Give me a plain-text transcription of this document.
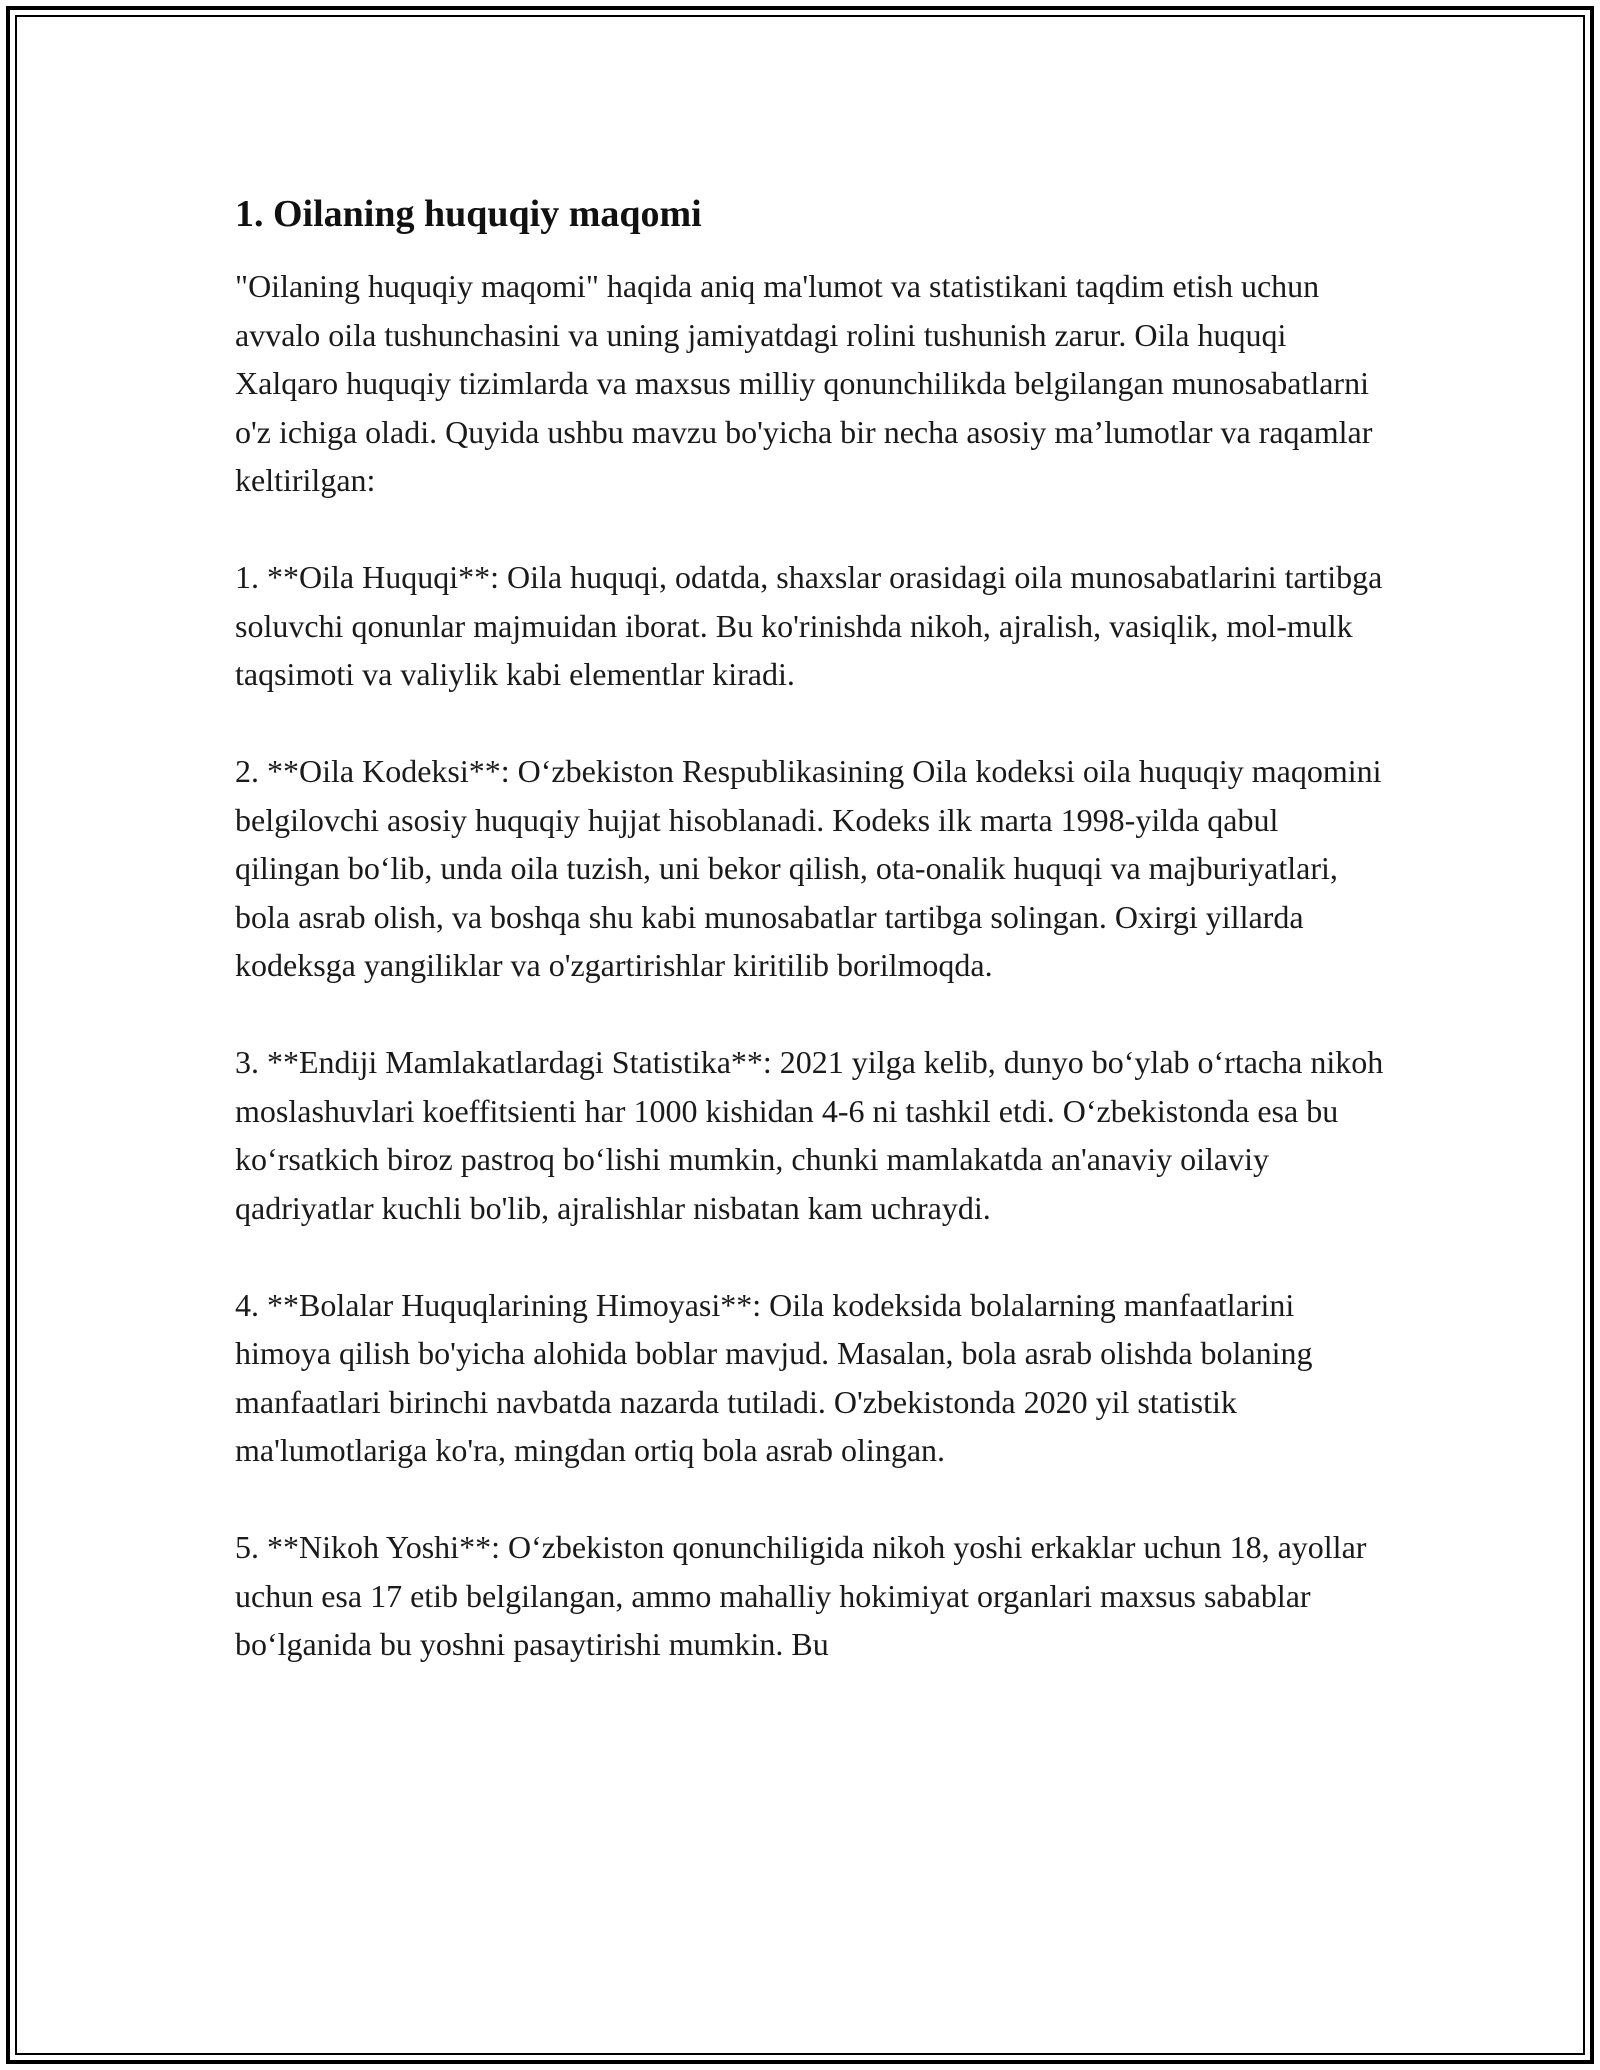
1. Oilaning huquqiy maqomi

"Oilaning huquqiy maqomi" haqida aniq ma'lumot va statistikani taqdim etish uchun avvalo oila tushunchasini va uning jamiyatdagi rolini tushunish zarur. Oila huquqi Xalqaro huquqiy tizimlarda va maxsus milliy qonunchilikda belgilangan munosabatlarni o'z ichiga oladi. Quyida ushbu mavzu bo'yicha bir necha asosiy ma’lumotlar va raqamlar keltirilgan:

1. **Oila Huquqi**: Oila huquqi, odatda, shaxslar orasidagi oila munosabatlarini tartibga soluvchi qonunlar majmuidan iborat. Bu ko'rinishda nikoh, ajralish, vasiqlik, mol-mulk taqsimoti va valiylik kabi elementlar kiradi.

2. **Oila Kodeksi**: O‘zbekiston Respublikasining Oila kodeksi oila huquqiy maqomini belgilovchi asosiy huquqiy hujjat hisoblanadi. Kodeks ilk marta 1998-yilda qabul qilingan bo‘lib, unda oila tuzish, uni bekor qilish, ota-onalik huquqi va majburiyatlari, bola asrab olish, va boshqa shu kabi munosabatlar tartibga solingan. Oxirgi yillarda kodeksga yangiliklar va o'zgartirishlar kiritilib borilmoqda.

3. **Endiji Mamlakatlardagi Statistika**: 2021 yilga kelib, dunyo bo‘ylab o‘rtacha nikoh moslashuvlari koeffitsienti har 1000 kishidan 4-6 ni tashkil etdi. O‘zbekistonda esa bu ko‘rsatkich biroz pastroq bo‘lishi mumkin, chunki mamlakatda an'anaviy oilaviy qadriyatlar kuchli bo'lib, ajralishlar nisbatan kam uchraydi.

4. **Bolalar Huquqlarining Himoyasi**: Oila kodeksida bolalarning manfaatlarini himoya qilish bo'yicha alohida boblar mavjud. Masalan, bola asrab olishda bolaning manfaatlari birinchi navbatda nazarda tutiladi. O'zbekistonda 2020 yil statistik ma'lumotlariga ko'ra, mingdan ortiq bola asrab olingan.

5. **Nikoh Yoshi**: O‘zbekiston qonunchiligida nikoh yoshi erkaklar uchun 18, ayollar uchun esa 17 etib belgilangan, ammo mahalliy hokimiyat organlari maxsus sabablar bo‘lganida bu yoshni pasaytirishi mumkin. Bu
